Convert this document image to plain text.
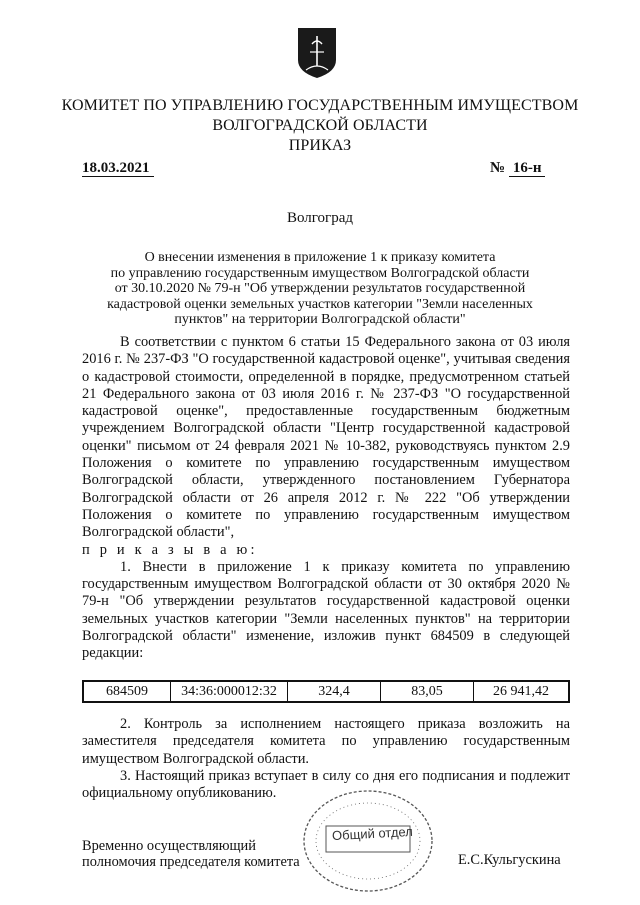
КОМИТЕТ ПО УПРАВЛЕНИЮ ГОСУДАРСТВЕННЫМ ИМУЩЕСТВОМ
ВОЛГОГРАДСКОЙ ОБЛАСТИ
ПРИКАЗ
18.03.2021	№ 16-н
Волгоград
О внесении изменения в приложение 1 к приказу комитета
по управлению государственным имуществом Волгоградской области
от 30.10.2020 № 79-н "Об утверждении результатов государственной
кадастровой оценки земельных участков категории "Земли населенных
пунктов" на территории Волгоградской области"

В соответствии с пунктом 6 статьи 15 Федерального закона от 03 июля 2016 г. № 237-ФЗ "О государственной кадастровой оценке", учитывая сведения о кадастровой стоимости, определенной в порядке, предусмотренном статьей 21 Федерального закона от 03 июля 2016 г. № 237-ФЗ "О государственной кадастровой оценке", предоставленные государственным бюджетным учреждением Волгоградской области "Центр государственной кадастровой оценки" письмом от 24 февраля 2021 № 10-382, руководствуясь пунктом 2.9 Положения о комитете по управлению государственным имуществом Волгоградской области, утвержденного постановлением Губернатора Волгоградской области от 26 апреля 2012 г. № 222 "Об утверждении Положения о комитете по управлению государственным имуществом Волгоградской области",

п р и к а з ы в а ю:

1. Внести в приложение 1 к приказу комитета по управлению государственным имуществом Волгоградской области от 30 октября 2020 № 79-н "Об утверждении результатов государственной кадастровой оценки земельных участков категории "Земли населенных пунктов" на территории Волгоградской области" изменение, изложив пункт 684509 в следующей редакции:

684509	34:36:000012:32	324,4	83,05	26 941,42

2. Контроль за исполнением настоящего приказа возложить на заместителя председателя комитета по управлению государственным имуществом Волгоградской области.

3. Настоящий приказ вступает в силу со дня его подписания и подлежит официальному опубликованию.

Общий отдел
Временно осуществляющий
полномочия председателя комитета	Е.С.Кульгускина
